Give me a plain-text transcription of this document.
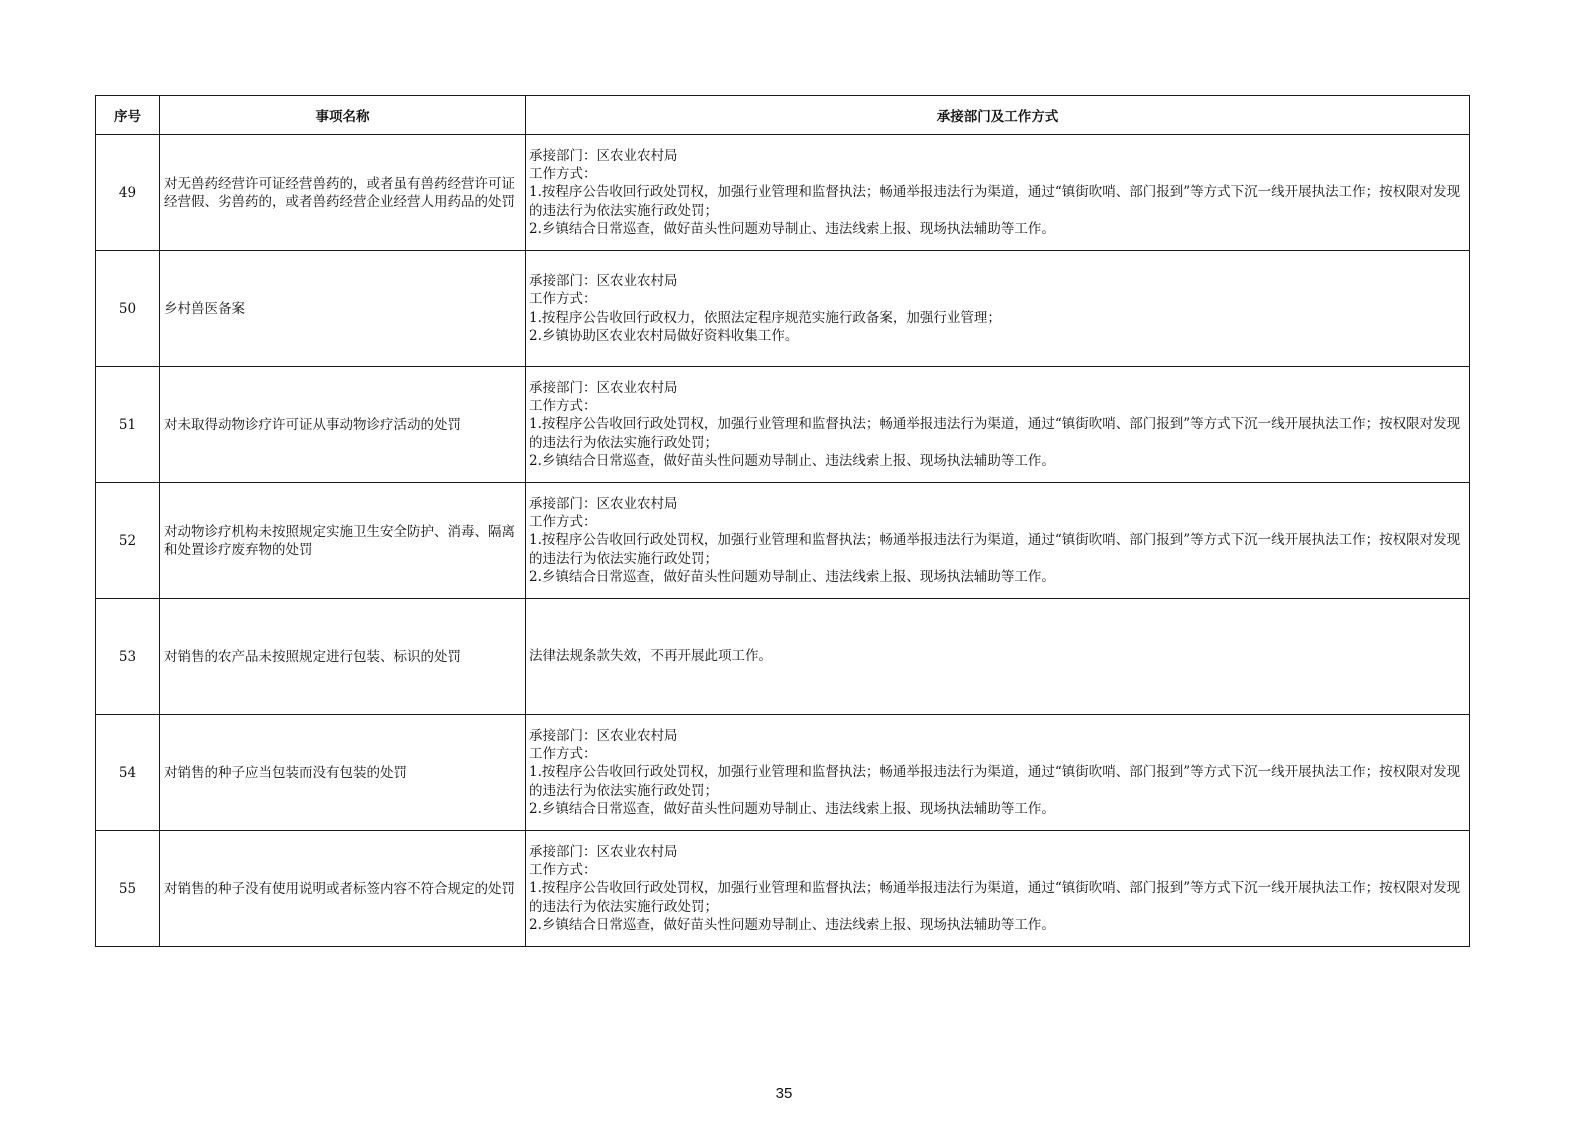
序号	事项名称	承接部门及工作方式
49	对无兽药经营许可证经营兽药的，或者虽有兽药经营许可证经营假、劣兽药的，或者兽药经营企业经营人用药品的处罚	承接部门：区农业农村局
工作方式：
1.按程序公告收回行政处罚权，加强行业管理和监督执法；畅通举报违法行为渠道，通过“镇街吹哨、部门报到”等方式下沉一线开展执法工作；按权限对发现的违法行为依法实施行政处罚；
2.乡镇结合日常巡查，做好苗头性问题劝导制止、违法线索上报、现场执法辅助等工作。

50	乡村兽医备案	承接部门：区农业农村局
工作方式：
1.按程序公告收回行政权力，依照法定程序规范实施行政备案，加强行业管理；
2.乡镇协助区农业农村局做好资料收集工作。

51	对未取得动物诊疗许可证从事动物诊疗活动的处罚	承接部门：区农业农村局
工作方式：
1.按程序公告收回行政处罚权，加强行业管理和监督执法；畅通举报违法行为渠道，通过“镇街吹哨、部门报到”等方式下沉一线开展执法工作；按权限对发现的违法行为依法实施行政处罚；
2.乡镇结合日常巡查，做好苗头性问题劝导制止、违法线索上报、现场执法辅助等工作。

52	对动物诊疗机构未按照规定实施卫生安全防护、消毒、隔离和处置诊疗废弃物的处罚	承接部门：区农业农村局
工作方式：
1.按程序公告收回行政处罚权，加强行业管理和监督执法；畅通举报违法行为渠道，通过“镇街吹哨、部门报到”等方式下沉一线开展执法工作；按权限对发现的违法行为依法实施行政处罚；
2.乡镇结合日常巡查，做好苗头性问题劝导制止、违法线索上报、现场执法辅助等工作。

53	对销售的农产品未按照规定进行包装、标识的处罚	法律法规条款失效，不再开展此项工作。

54	对销售的种子应当包装而没有包装的处罚	承接部门：区农业农村局
工作方式：
1.按程序公告收回行政处罚权，加强行业管理和监督执法；畅通举报违法行为渠道，通过“镇街吹哨、部门报到”等方式下沉一线开展执法工作；按权限对发现的违法行为依法实施行政处罚；
2.乡镇结合日常巡查，做好苗头性问题劝导制止、违法线索上报、现场执法辅助等工作。

55	对销售的种子没有使用说明或者标签内容不符合规定的处罚	承接部门：区农业农村局
工作方式：
1.按程序公告收回行政处罚权，加强行业管理和监督执法；畅通举报违法行为渠道，通过“镇街吹哨、部门报到”等方式下沉一线开展执法工作；按权限对发现的违法行为依法实施行政处罚；
2.乡镇结合日常巡查，做好苗头性问题劝导制止、违法线索上报、现场执法辅助等工作。
35
